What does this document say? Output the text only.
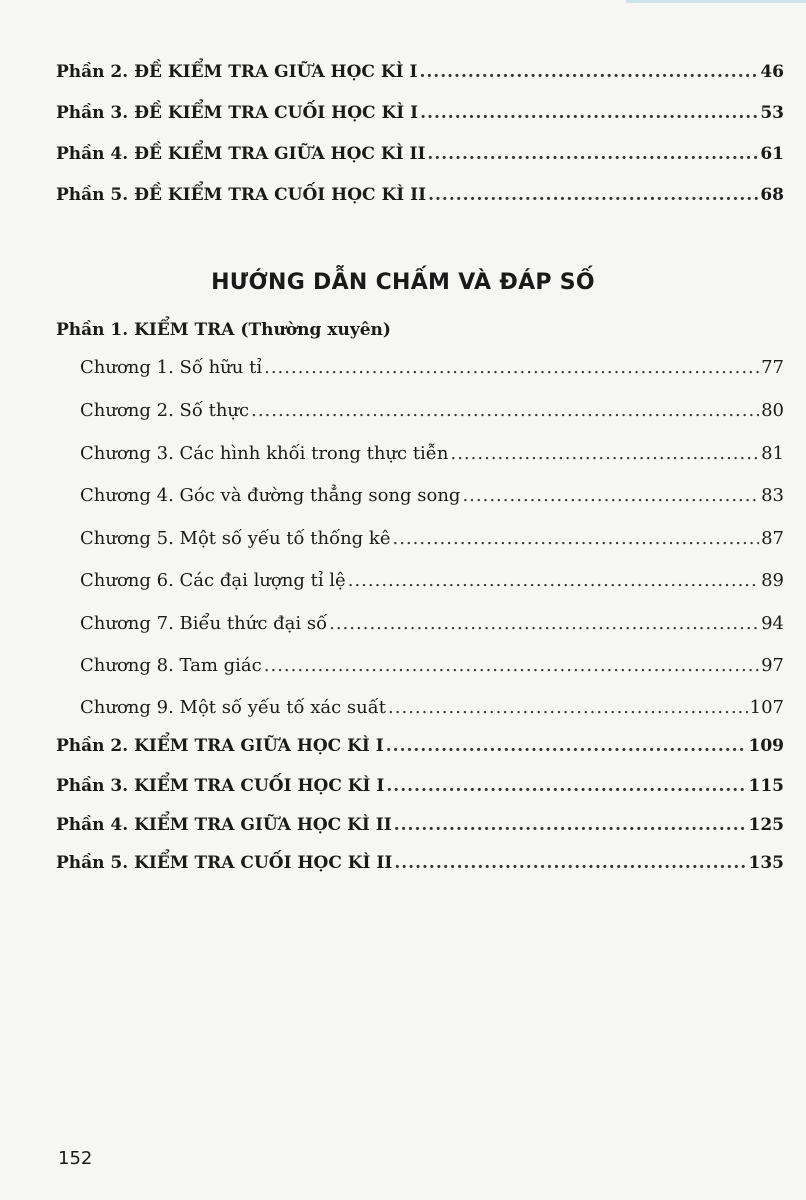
Phần 2. ĐỀ KIỂM TRA GIỮA HỌC KÌ I .....	46
Phần 3. ĐỀ KIỂM TRA CUỐI HỌC KÌ I .....	53
Phần 4. ĐỀ KIỂM TRA GIỮA HỌC KÌ II .....	61
Phần 5. ĐỀ KIỂM TRA CUỐI HỌC KÌ II .....	68
HƯỚNG DẪN CHẤM VÀ ĐÁP SỐ
Phần 1. KIỂM TRA (Thường xuyên)
Chương 1. Số hữu tỉ .....	77
Chương 2. Số thực .....	80
Chương 3. Các hình khối trong thực tiễn .....	81
Chương 4. Góc và đường thẳng song song .....	83
Chương 5. Một số yếu tố thống kê .....	87
Chương 6. Các đại lượng tỉ lệ .....	89
Chương 7. Biểu thức đại số .....	94
Chương 8. Tam giác .....	97
Chương 9. Một số yếu tố xác suất .....	107
Phần 2. KIỂM TRA GIỮA HỌC KÌ I .....	109
Phần 3. KIỂM TRA CUỐI HỌC KÌ I .....	115
Phần 4. KIỂM TRA GIỮA HỌC KÌ II .....	125
Phần 5. KIỂM TRA CUỐI HỌC KÌ II .....	135
152
